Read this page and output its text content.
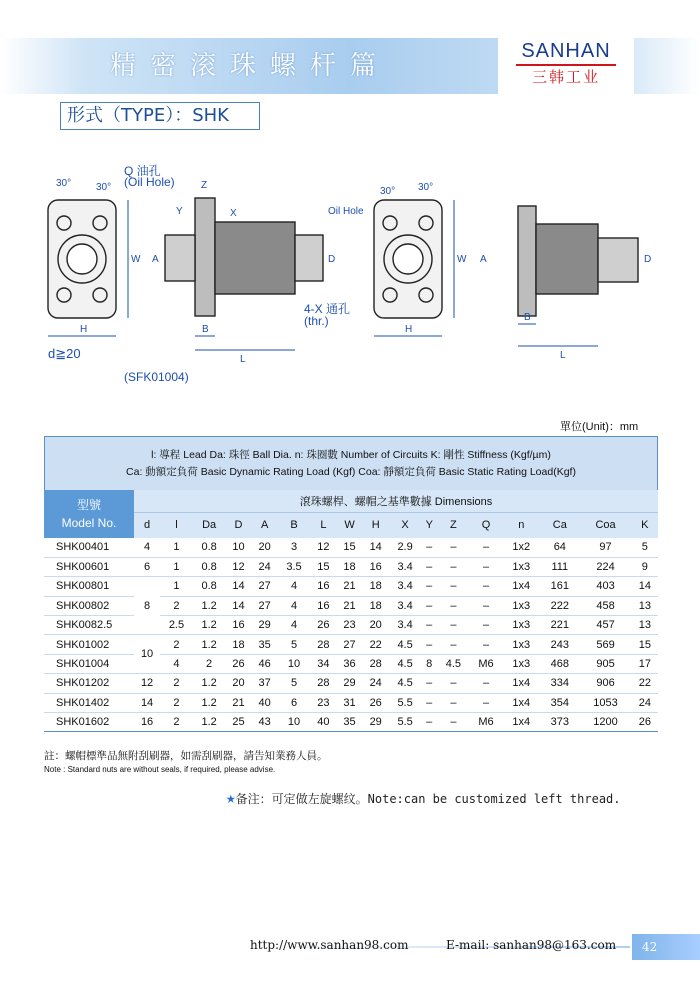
精密滚珠螺杆篇	SANHAN
三韩工业
形式（TYPE）：SHK
H	B
L
H
B
L
W	W
A	A
D	D
Z
Y	X
Q 油孔
(Oil Hole)
Oil Hole
30° 30°	30° 30°
4-X 通孔
(thr.)
d≧20
(SFK01004)
單位(Unit)：mm
l: 導程 Lead Da: 珠徑 Ball Dia. n: 珠圈數 Number of Circuits K: 剛性 Stiffness (Kgf/µm)
Ca: 動額定負荷 Basic Dynamic Rating Load (Kgf) Coa: 靜額定負荷 Basic Static Rating Load(Kgf)
型號
Model No.	滾珠螺桿、螺帽之基準數據 Dimensions																
	d	l	Da	D	A	B	L	W	H	X	Y	Z	Q	n	Ca	Coa	K
SHK00401	4	1	0.8	10	20	3	12	15	14	2.9	–	–	–	1x2	64	97	5
SHK00601	6	1	0.8	12	24	3.5	15	18	16	3.4	–	–	–	1x3	111	224	9
SHK00801	8	1	0.8	14	27	4	16	21	18	3.4	–	–	–	1x4	161	403	14
SHK00802		2	1.2	14	27	4	16	21	18	3.4	–	–	–	1x3	222	458	13
SHK0082.5		2.5	1.2	16	29	4	26	23	20	3.4	–	–	–	1x3	221	457	13
SHK01002	10	2	1.2	18	35	5	28	27	22	4.5	–	–	–	1x3	243	569	15
SHK01004		4	2	26	46	10	34	36	28	4.5	8	4.5	M6	1x3	468	905	17
SHK01202	12	2	1.2	20	37	5	28	29	24	4.5	–	–	–	1x4	334	906	22
SHK01402	14	2	1.2	21	40	6	23	31	26	5.5	–	–	–	1x4	354	1053	24
SHK01602	16	2	1.2	25	43	10	40	35	29	5.5	–	–	M6	1x4	373	1200	26
註：螺帽標準品無附刮刷器，如需刮刷器，請告知業務人員。
Note : Standard nuts are without seals, if required, please advise.
★备注：可定做左旋螺纹。Note:can be customized left thread.
http://www.sanhan98.com	E-mail: sanhan98@163.com	42
